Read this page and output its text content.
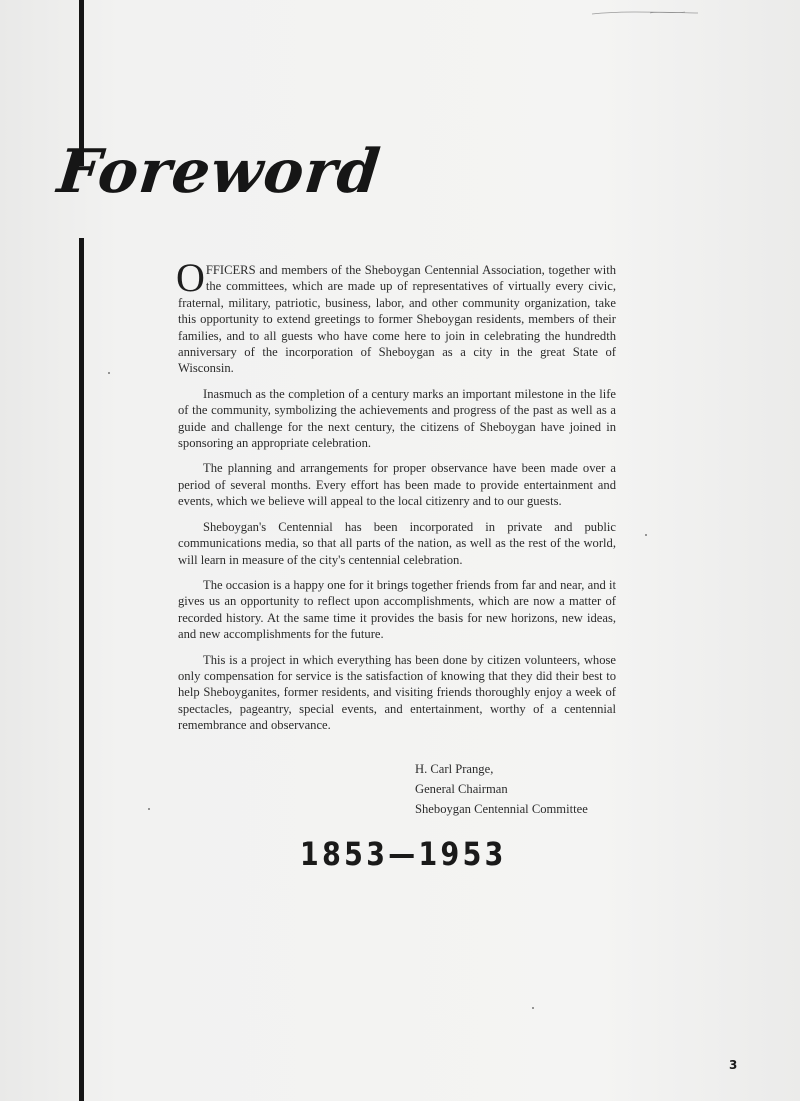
Foreword

OFFICERS and members of the Sheboygan Centennial Association, together with the committees, which are made up of representatives of virtually every civic, fraternal, military, patriotic, business, labor, and other community organization, take this opportunity to extend greetings to former Sheboygan residents, members of their families, and to all guests who have come here to join in celebrating the hundredth anniversary of the incorporation of Sheboygan as a city in the great State of Wisconsin.

Inasmuch as the completion of a century marks an important milestone in the life of the community, symbolizing the achievements and progress of the past as well as a guide and challenge for the next century, the citizens of Sheboygan have joined in sponsoring an appropriate celebration.

The planning and arrangements for proper observance have been made over a period of several months. Every effort has been made to provide entertainment and events, which we believe will appeal to the local citizenry and to our guests.

Sheboygan's Centennial has been incorporated in private and public communications media, so that all parts of the nation, as well as the rest of the world, will learn in measure of the city's centennial celebration.

The occasion is a happy one for it brings together friends from far and near, and it gives us an opportunity to reflect upon accomplishments, which are now a matter of recorded history. At the same time it provides the basis for new horizons, new ideas, and new accomplishments for the future.

This is a project in which everything has been done by citizen volunteers, whose only compensation for service is the satisfaction of knowing that they did their best to help Sheboyganites, former residents, and visiting friends thoroughly enjoy a week of spectacles, pageantry, special events, and entertainment, worthy of a centennial remembrance and observance.

H. Carl Prange,
General Chairman
Sheboygan Centennial Committee
1853—1953
3
